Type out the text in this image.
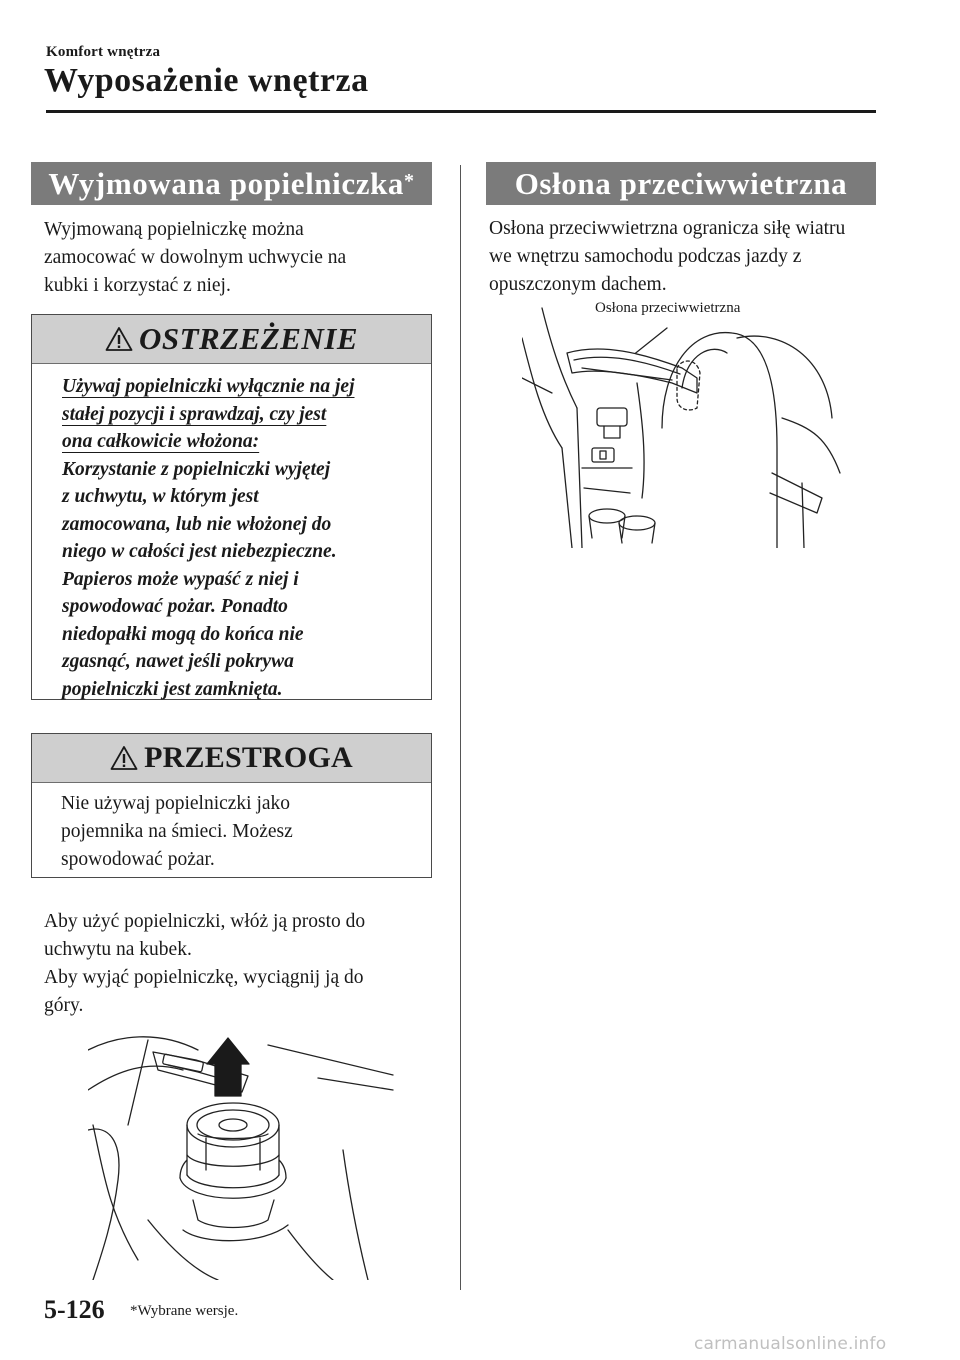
Komfort wnętrza
Wyposażenie wnętrza
Wyjmowana popielniczka*
Wyjmowaną popielniczkę można
zamocować w dowolnym uchwycie na
kubki i korzystać z niej.
OSTRZEŻENIE
Używaj popielniczki wyłącznie na jej
stałej pozycji i sprawdzaj, czy jest
ona całkowicie włożona:
Korzystanie z popielniczki wyjętej
z uchwytu, w którym jest
zamocowana, lub nie włożonej do
niego w całości jest niebezpieczne.
Papieros może wypaść z niej i
spowodować pożar. Ponadto
niedopałki mogą do końca nie
zgasnąć, nawet jeśli pokrywa
popielniczki jest zamknięta.
PRZESTROGA
Nie używaj popielniczki jako
pojemnika na śmieci. Możesz
spowodować pożar.
Aby użyć popielniczki, włóż ją prosto do
uchwytu na kubek.
Aby wyjąć popielniczkę, wyciągnij ją do
góry.
Osłona przeciwwietrzna
Osłona przeciwwietrzna ogranicza siłę wiatru we wnętrzu samochodu podczas jazdy z opuszczonym dachem.
Osłona przeciwwietrzna
5-126 *Wybrane wersje.
carmanualsonline.info
